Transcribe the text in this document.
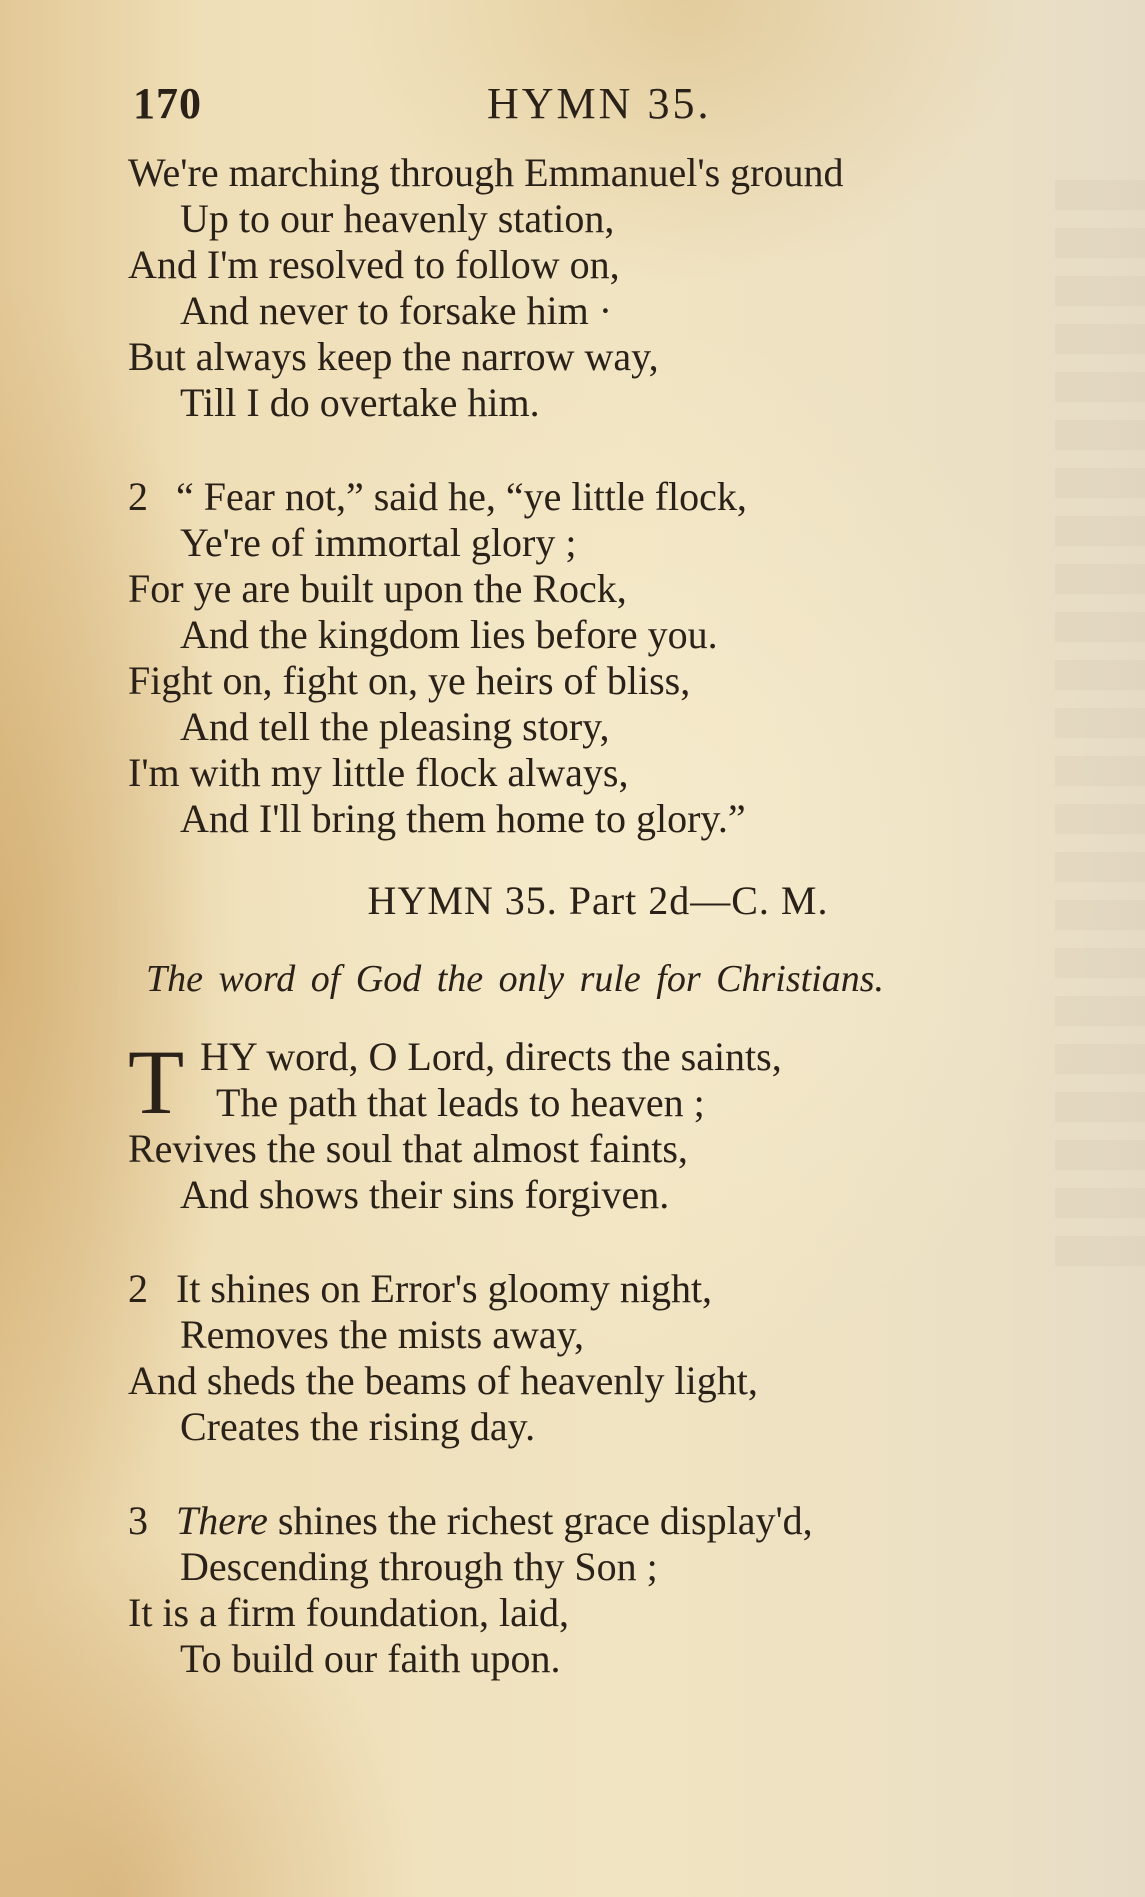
170	HYMN 35.
We're marching through Emmanuel's ground
Up to our heavenly station,
And I'm resolved to follow on,
And never to forsake him ·
But always keep the narrow way,
Till I do overtake him.
2 “ Fear not,” said he, “ye little flock,
Ye're of immortal glory ;
For ye are built upon the Rock,
And the kingdom lies before you.
Fight on, fight on, ye heirs of bliss,
And tell the pleasing story,
I'm with my little flock always,
And I'll bring them home to glory.”
HYMN 35. Part 2d—C. M.
The word of God the only rule for Christians.
T HY word, O Lord, directs the saints,
The path that leads to heaven ;
Revives the soul that almost faints,
And shows their sins forgiven.
2 It shines on Error's gloomy night,
Removes the mists away,
And sheds the beams of heavenly light,
Creates the rising day.
3 There shines the richest grace display'd,
Descending through thy Son ;
It is a firm foundation, laid,
To build our faith upon.
